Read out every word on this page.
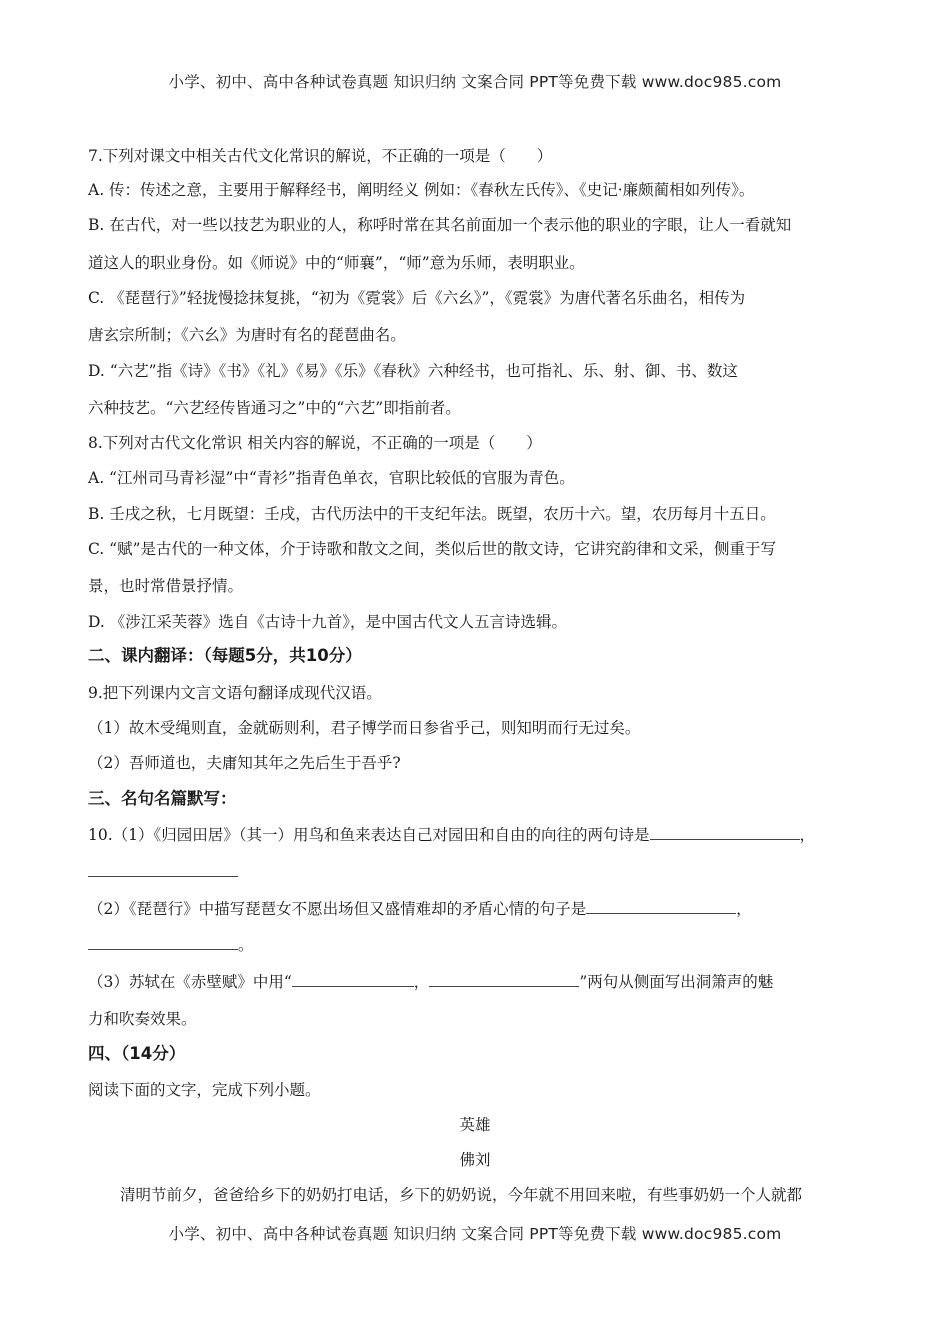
小学、初中、高中各种试卷真题 知识归纳 文案合同 PPT等免费下载 www.doc985.com
7.下列对课文中相关古代文化常识的解说，不正确的一项是（　　）
A. 传：传述之意，主要用于解释经书，阐明经义 例如：《春秋左氏传》、《史记·廉颇蔺相如列传》。
B. 在古代，对一些以技艺为职业的人，称呼时常在其名前面加一个表示他的职业的字眼，让人一看就知
道这人的职业身份。如《师说》中的“师襄”，“师”意为乐师，表明职业。
C. 《琵琶行》”轻拢慢捻抹复挑，“初为《霓裳》后《六幺》”，《霓裳》为唐代著名乐曲名，相传为
唐玄宗所制；《六幺》为唐时有名的琵琶曲名。
D. “六艺”指《诗》《书》《礼》《易》《乐》《春秋》六种经书，也可指礼、乐、射、御、书、数这
六种技艺。“六艺经传皆通习之”中的“六艺”即指前者。
8.下列对古代文化常识 相关内容的解说，不正确的一项是（　　）
A. “江州司马青衫湿”中“青衫”指青色单衣，官职比较低的官服为青色。
B. 壬戌之秋，七月既望：壬戌，古代历法中的干支纪年法。既望，农历十六。望，农历每月十五日。
C. “赋”是古代的一种文体，介于诗歌和散文之间，类似后世的散文诗，它讲究韵律和文采，侧重于写
景，也时常借景抒情。
D. 《涉江采芙蓉》选自《古诗十九首》，是中国古代文人五言诗选辑。
二、课内翻译：（每题5分，共10分）
9.把下列课内文言文语句翻译成现代汉语。
（1）故木受绳则直，金就砺则利，君子博学而日参省乎己，则知明而行无过矣。
（2）吾师道也，夫庸知其年之先后生于吾乎?
三、名句名篇默写：
10.（1）《归园田居》（其一）用鸟和鱼来表达自己对园田和自由的向往的两句诗是	，
（2）《琵琶行》中描写琵琶女不愿出场但又盛情难却的矛盾心情的句子是	，
。
（3）苏轼在《赤壁赋》中用“	，	”两句从侧面写出洞箫声的魅
力和吹奏效果。
四、（14分）
阅读下面的文字，完成下列小题。
英雄
佛刘
清明节前夕，爸爸给乡下的奶奶打电话，乡下的奶奶说，今年就不用回来啦，有些事奶奶一个人就都
小学、初中、高中各种试卷真题 知识归纳 文案合同 PPT等免费下载 www.doc985.com
